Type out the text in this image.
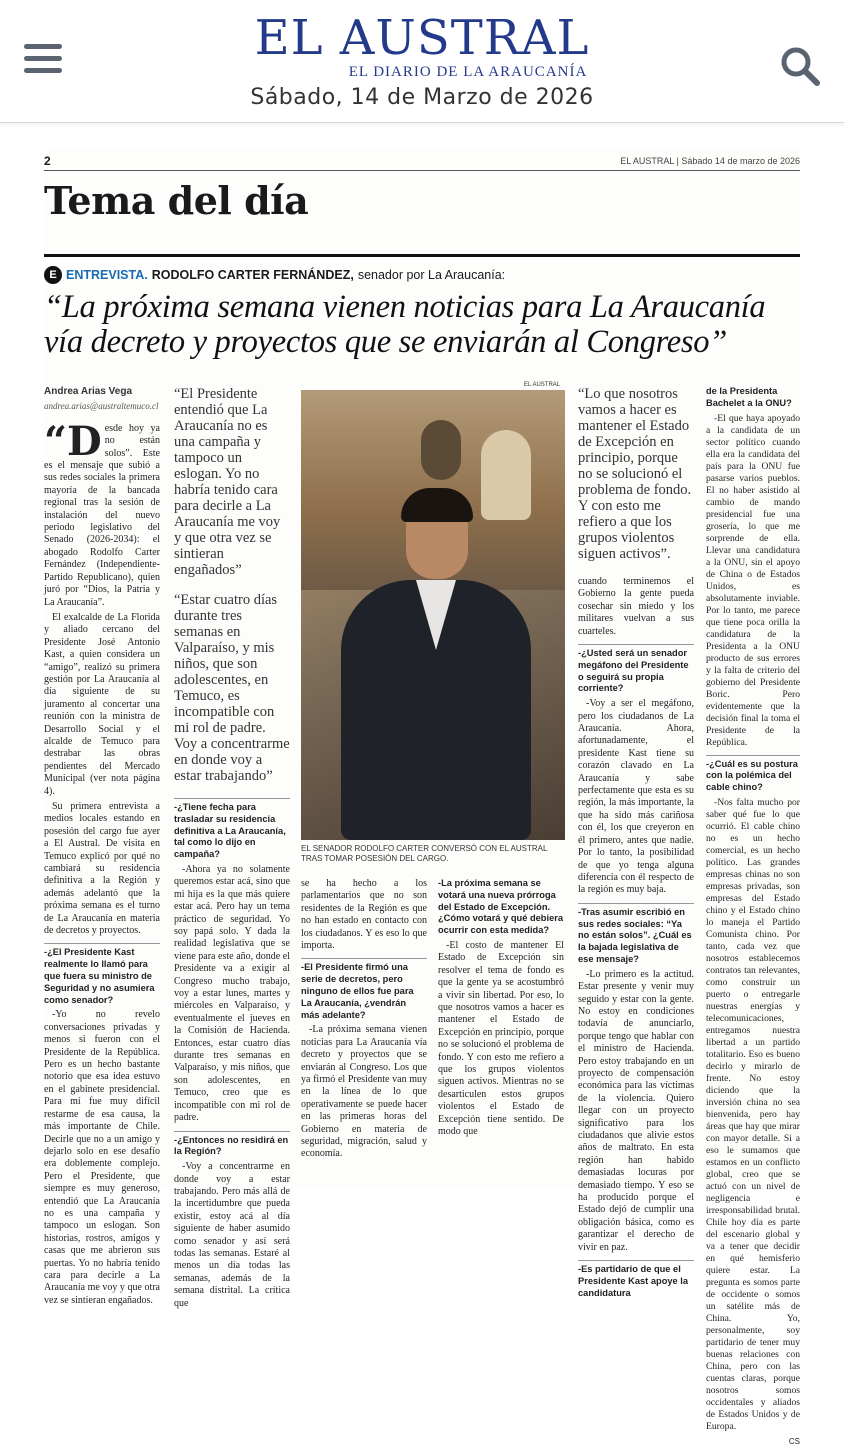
EL AUSTRAL
EL DIARIO DE LA ARAUCANÍA
Sábado, 14 de Marzo de 2026
2	EL AUSTRAL | Sábado 14 de marzo de 2026
Tema del día
E ENTREVISTA. RODOLFO CARTER FERNÁNDEZ, senador por La Araucanía:
“La próxima semana vienen noticias para La Araucanía vía decreto y proyectos que se enviarán al Congreso”
Andrea Arias Vega
andrea.arias@australtemuco.cl

“Desde hoy ya no están solos”. Este es el mensaje que subió a sus redes sociales la primera mayoría de la bancada regional tras la sesión de instalación del nuevo periodo legislativo del Senado (2026-2034): el abogado Rodolfo Carter Fernández (Independiente-Partido Republicano), quien juró por “Dios, la Patria y La Araucanía”.

El exalcalde de La Florida y aliado cercano del Presidente José Antonio Kast, a quien considera un “amigo”, realizó su primera gestión por La Araucanía al día siguiente de su juramento al concertar una reunión con la ministra de Desarrollo Social y el alcalde de Temuco para destrabar las obras pendientes del Mercado Municipal (ver nota página 4).

Su primera entrevista a medios locales estando en posesión del cargo fue ayer a El Austral. De visita en Temuco explicó por qué no cambiará su residencia definitiva a la Región y además adelantó que la próxima semana es el turno de La Araucanía en materia de decretos y proyectos.

-¿El Presidente Kast realmente lo llamó para que fuera su ministro de Seguridad y no asumiera como senador?

-Yo no revelo conversaciones privadas y menos si fueron con el Presidente de la República. Pero es un hecho bastante notorio que esa idea estuvo en el gabinete presidencial. Para mí fue muy difícil restarme de esa causa, la más importante de Chile. Decirle que no a un amigo y dejarlo solo en ese desafío era doblemente complejo. Pero el Presidente, que siempre es muy generoso, entendió que La Araucanía no es una campaña y tampoco un eslogan. Son historias, rostros, amigos y casas que me abrieron sus puertas. Yo no habría tenido cara para decirle a La Araucanía me voy y que otra vez se sintieran engañados.

“El Presidente entendió que La Araucanía no es una campaña y tampoco un eslogan. Yo no habría tenido cara para decirle a La Araucanía me voy y que otra vez se sintieran engañados”
“Estar cuatro días durante tres semanas en Valparaíso, y mis niños, que son adolescentes, en Temuco, es incompatible con mi rol de padre. Voy a concentrarme en donde voy a estar trabajando”

-¿Tiene fecha para trasladar su residencia definitiva a La Araucanía, tal como lo dijo en campaña?

-Ahora ya no solamente queremos estar acá, sino que mi hija es la que más quiere estar acá. Pero hay un tema práctico de seguridad. Yo soy papá solo. Y dada la realidad legislativa que se viene para este año, donde el Presidente va a exigir al Congreso mucho trabajo, voy a estar lunes, martes y miércoles en Valparaíso, y eventualmente el jueves en la Comisión de Hacienda. Entonces, estar cuatro días durante tres semanas en Valparaíso, y mis niños, que son adolescentes, en Temuco, creo que es incompatible con mi rol de padre.

-¿Entonces no residirá en la Región?

-Voy a concentrarme en donde voy a estar trabajando. Pero más allá de la incertidumbre que pueda existir, estoy acá al día siguiente de haber asumido como senador y así será todas las semanas. Estaré al menos un día todas las semanas, además de la semana distrital. La crítica que

EL AUSTRAL
EL SENADOR RODOLFO CARTER CONVERSÓ CON EL AUSTRAL TRAS TOMAR POSESIÓN DEL CARGO.

se ha hecho a los parlamentarios que no son residentes de la Región es que no han estado en contacto con los ciudadanos. Y es eso lo que importa.

-El Presidente firmó una serie de decretos, pero ninguno de ellos fue para La Araucanía, ¿vendrán más adelante?

-La próxima semana vienen noticias para La Araucanía vía decreto y proyectos que se enviarán al Congreso. Los que ya firmó el Presidente van muy en la línea de lo que operativamente se puede hacer en las primeras horas del Gobierno en materia de seguridad, migración, salud y economía.

-La próxima semana se votará una nueva prórroga del Estado de Excepción. ¿Cómo votará y qué debiera ocurrir con esta medida?

-El costo de mantener El Estado de Excepción sin resolver el tema de fondo es que la gente ya se acostumbró a vivir sin libertad. Por eso, lo que nosotros vamos a hacer es mantener el Estado de Excepción en principio, porque no se solucionó el problema de fondo. Y con esto me refiero a que los grupos violentos siguen activos. Mientras no se desarticulen estos grupos violentos el Estado de Excepción tiene sentido. De modo que

“Lo que nosotros vamos a hacer es mantener el Estado de Excepción en principio, porque no se solucionó el problema de fondo. Y con esto me refiero a que los grupos violentos siguen activos”.

cuando terminemos el Gobierno la gente pueda cosechar sin miedo y los militares vuelvan a sus cuarteles.

-¿Usted será un senador megáfono del Presidente o seguirá su propia corriente?

-Voy a ser el megáfono, pero los ciudadanos de La Araucanía. Ahora, afortunadamente, el presidente Kast tiene su corazón clavado en La Araucanía y sabe perfectamente que esta es su región, la más importante, la que ha sido más cariñosa con él, los que creyeron en él primero, antes que nadie. Por lo tanto, la posibilidad de que yo tenga alguna diferencia con él respecto de la región es muy baja.

-Tras asumir escribió en sus redes sociales: “Ya no están solos”. ¿Cuál es la bajada legislativa de ese mensaje?

-Lo primero es la actitud. Estar presente y venir muy seguido y estar con la gente. No estoy en condiciones todavía de anunciarlo, porque tengo que hablar con el ministro de Hacienda. Pero estoy trabajando en un proyecto de compensación económica para las víctimas de la violencia. Quiero llegar con un proyecto significativo para los ciudadanos que alivie estos años de maltrato. En esta región han habido demasiadas locuras por demasiado tiempo. Y eso se ha producido porque el Estado dejó de cumplir una obligación básica, como es garantizar el derecho de vivir en paz.

-Es partidario de que el Presidente Kast apoye la candidatura

de la Presidenta Bachelet a la ONU?

-El que haya apoyado a la candidata de un sector político cuando ella era la candidata del país para la ONU fue pasarse varios pueblos. El no haber asistido al cambio de mando presidencial fue una grosería, lo que me sorprende de ella. Llevar una candidatura a la ONU, sin el apoyo de China o de Estados Unidos, es absolutamente inviable. Por lo tanto, me parece que tiene poca orilla la candidatura de la Presidenta a la ONU producto de sus errores y la falta de criterio del gobierno del Presidente Boric. Pero evidentemente que la decisión final la toma el Presidente de la República.

-¿Cuál es su postura con la polémica del cable chino?

-Nos falta mucho por saber qué fue lo que ocurrió. El cable chino no es un hecho comercial, es un hecho político. Las grandes empresas chinas no son empresas privadas, son empresas del Estado chino y el Estado chino lo maneja el Partido Comunista chino. Por tanto, cada vez que nosotros establecemos contratos tan relevantes, como construir un puerto o entregarle nuestras energías y telecomunicaciones, entregamos nuestra libertad a un partido totalitario. Eso es bueno decirlo y mirarlo de frente. No estoy diciendo que la inversión china no sea bienvenida, pero hay áreas que hay que mirar con mayor detalle. Si a eso le sumamos que estamos en un conflicto global, creo que se actuó con un nivel de negligencia e irresponsabilidad brutal. Chile hoy día es parte del escenario global y va a tener que decidir en qué hemisferio quiere estar. La pregunta es somos parte de occidente o somos un satélite más de China. Yo, personalmente, soy partidario de tener muy buenas relaciones con China, pero con las cuentas claras, porque nosotros somos occidentales y aliados de Estados Unidos y de Europa.

CS
